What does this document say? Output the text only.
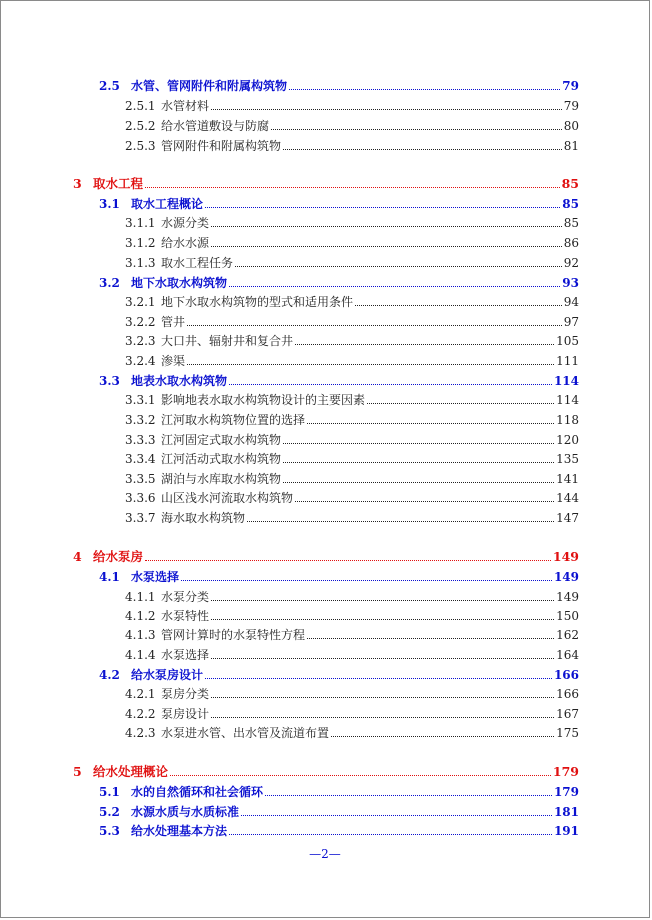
2.5 水管、管网附件和附属构筑物	79
2.5.1 水管材料	79
2.5.2 给水管道敷设与防腐	80
2.5.3 管网附件和附属构筑物	81
3 取水工程	85
3.1 取水工程概论	85
3.1.1 水源分类	85
3.1.2 给水水源	86
3.1.3 取水工程任务	92
3.2 地下水取水构筑物	93
3.2.1 地下水取水构筑物的型式和适用条件	94
3.2.2 管井	97
3.2.3 大口井、辐射井和复合井	105
3.2.4 渗渠	111
3.3 地表水取水构筑物	114
3.3.1 影响地表水取水构筑物设计的主要因素	114
3.3.2 江河取水构筑物位置的选择	118
3.3.3 江河固定式取水构筑物	120
3.3.4 江河活动式取水构筑物	135
3.3.5 湖泊与水库取水构筑物	141
3.3.6 山区浅水河流取水构筑物	144
3.3.7 海水取水构筑物	147
4 给水泵房	149
4.1 水泵选择	149
4.1.1 水泵分类	149
4.1.2 水泵特性	150
4.1.3 管网计算时的水泵特性方程	162
4.1.4 水泵选择	164
4.2 给水泵房设计	166
4.2.1 泵房分类	166
4.2.2 泵房设计	167
4.2.3 水泵进水管、出水管及流道布置	175
5 给水处理概论	179
5.1 水的自然循环和社会循环	179
5.2 水源水质与水质标准	181
5.3 给水处理基本方法	191
—2—
